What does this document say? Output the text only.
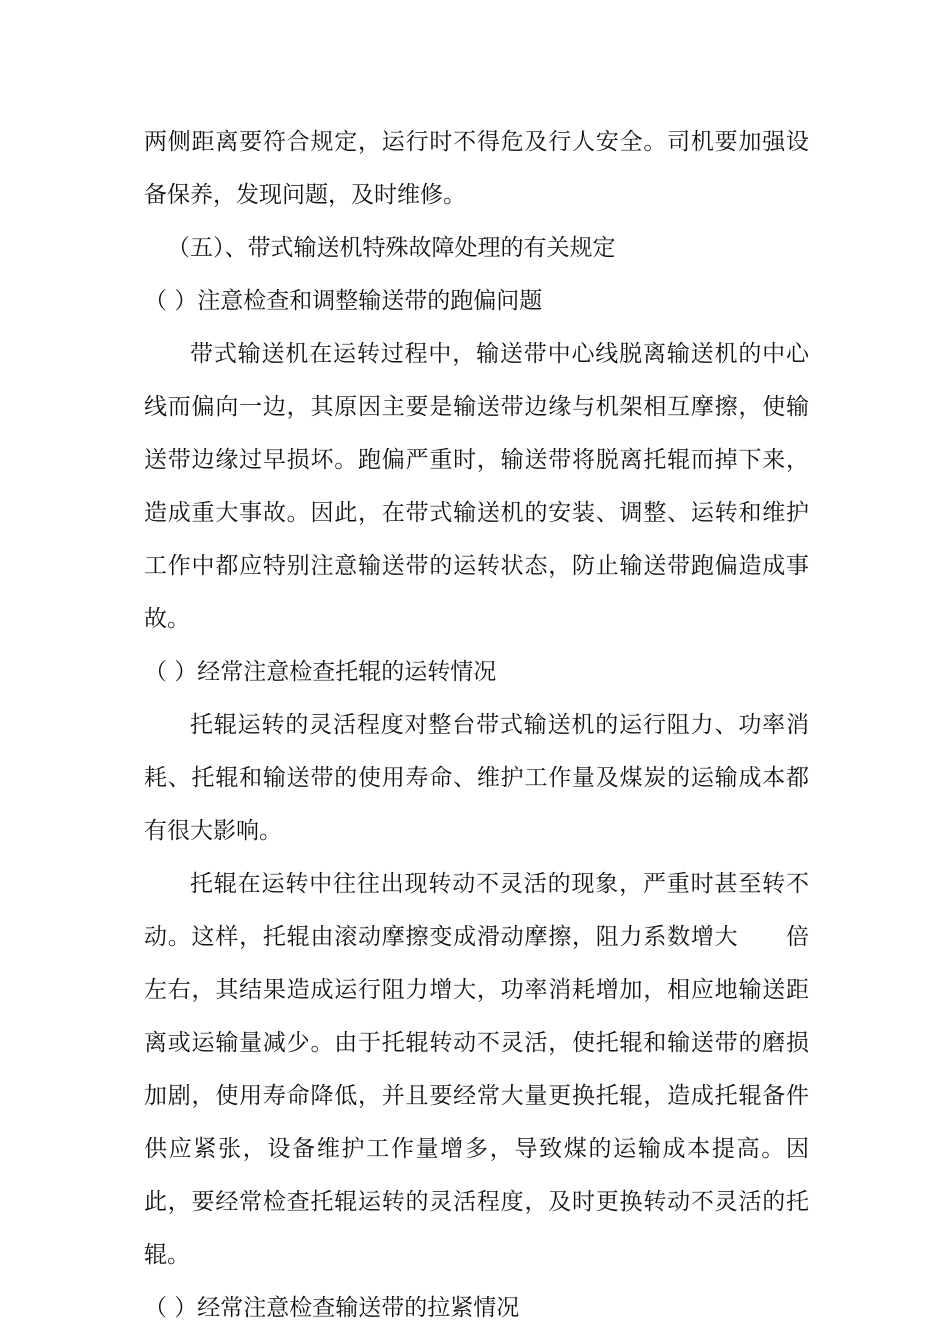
两侧距离要符合规定，运行时不得危及行人安全。司机要加强设备保养，发现问题，及时维修。

（五）、带式输送机特殊故障处理的有关规定

（ ）注意检查和调整输送带的跑偏问题

带式输送机在运转过程中，输送带中心线脱离输送机的中心线而偏向一边，其原因主要是输送带边缘与机架相互摩擦，使输送带边缘过早损坏。跑偏严重时，输送带将脱离托辊而掉下来，造成重大事故。因此，在带式输送机的安装、调整、运转和维护工作中都应特别注意输送带的运转状态，防止输送带跑偏造成事故。

（ ）经常注意检查托辊的运转情况

托辊运转的灵活程度对整台带式输送机的运行阻力、功率消耗、托辊和输送带的使用寿命、维护工作量及煤炭的运输成本都有很大影响。

托辊在运转中往往出现转动不灵活的现象，严重时甚至转不动。这样，托辊由滚动摩擦变成滑动摩擦，阻力系数增大　　倍左右，其结果造成运行阻力增大，功率消耗增加，相应地输送距离或运输量减少。由于托辊转动不灵活，使托辊和输送带的磨损加剧，使用寿命降低，并且要经常大量更换托辊，造成托辊备件供应紧张，设备维护工作量增多，导致煤的运输成本提高。因此，要经常检查托辊运转的灵活程度，及时更换转动不灵活的托辊。

（ ）经常注意检查输送带的拉紧情况
